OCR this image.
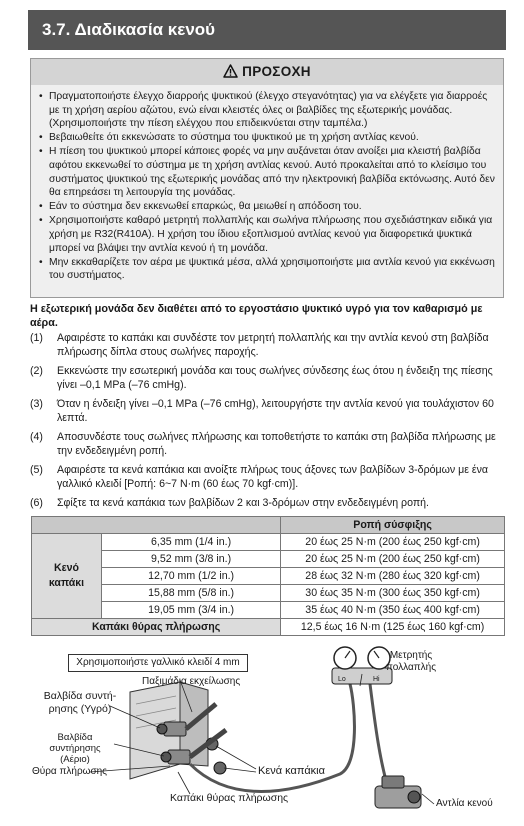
3.7. Διαδικασία κενού
ΠΡΟΣΟΧΗ
• Πραγματοποιήστε έλεγχο διαρροής ψυκτικού (έλεγχο στεγανότητας) για να ελέγξετε για διαρροές με τη χρήση αερίου αζώτου, ενώ είναι κλειστές όλες οι βαλβίδες της εξωτερικής μονάδας. (Χρησιμοποιήστε την πίεση ελέγχου που επιδεικνύεται στην ταμπέλα.)
• Βεβαιωθείτε ότι εκκενώσατε το σύστημα του ψυκτικού με τη χρήση αντλίας κενού.
• Η πίεση του ψυκτικού μπορεί κάποιες φορές να μην αυξάνεται όταν ανοίξει μια κλειστή βαλβίδα αφότου εκκενωθεί το σύστημα με τη χρήση αντλίας κενού. Αυτό προκαλείται από το κλείσιμο του συστήματος ψυκτικού της εξωτερικής μονάδας από την ηλεκτρονική βαλβίδα εκτόνωσης. Αυτό δεν θα επηρεάσει τη λειτουργία της μονάδας.
• Εάν το σύστημα δεν εκκενωθεί επαρκώς, θα μειωθεί η απόδοση του.
• Χρησιμοποιήστε καθαρό μετρητή πολλαπλής και σωλήνα πλήρωσης που σχεδιάστηκαν ειδικά για χρήση με R32(R410A). Η χρήση του ίδιου εξοπλισμού αντλίας κενού για διαφορετικά ψυκτικά μπορεί να βλάψει την αντλία κενού ή τη μονάδα.
• Μην εκκαθαρίζετε τον αέρα με ψυκτικά μέσα, αλλά χρησιμοποιήστε μια αντλία κενού για εκκένωση του συστήματος.
Η εξωτερική μονάδα δεν διαθέτει από το εργοστάσιο ψυκτικό υγρό για τον καθαρισμό με αέρα.
(1)	Αφαιρέστε το καπάκι και συνδέστε τον μετρητή πολλαπλής και την αντλία κενού στη βαλβίδα πλήρωσης δίπλα στους σωλήνες παροχής.
(2)	Εκκενώστε την εσωτερική μονάδα και τους σωλήνες σύνδεσης έως ότου η ένδειξη της πίεσης γίνει –0,1 MPa (–76 cmHg).
(3)	Όταν η ένδειξη γίνει –0,1 MPa (–76 cmHg), λειτουργήστε την αντλία κενού για τουλάχιστον 60 λεπτά.
(4)	Αποσυνδέστε τους σωλήνες πλήρωσης και τοποθετήστε το καπάκι στη βαλβίδα πλήρωσης με την ενδεδειγμένη ροπή.
(5)	Αφαιρέστε τα κενά καπάκια και ανοίξτε πλήρως τους άξονες των βαλβίδων 3-δρόμων με ένα γαλλικό κλειδί [Ροπή: 6~7 N·m (60 έως 70 kgf·cm)].
(6)	Σφίξτε τα κενά καπάκια των βαλβίδων 2 και 3-δρόμων στην ενδεδειγμένη ροπή.
		Ροπή σύσφιξης
Κενό
καπάκι	6,35 mm (1/4 in.)	20 έως 25 N·m (200 έως 250 kgf·cm)
	9,52 mm (3/8 in.)	20 έως 25 N·m (200 έως 250 kgf·cm)
	12,70 mm (1/2 in.)	28 έως 32 N·m (280 έως 320 kgf·cm)
	15,88 mm (5/8 in.)	30 έως 35 N·m (300 έως 350 kgf·cm)
	19,05 mm (3/4 in.)	35 έως 40 N·m (350 έως 400 kgf·cm)
Καπάκι θύρας πλήρωσης		12,5 έως 16 N·m (125 έως 160 kgf·cm)
Χρησιμοποιήστε γαλλικό κλειδί 4 mm
Παξιμάδια εκχείλωσης
Βαλβίδα συντή-
ρησης (Υγρό)
Βαλβίδα συντήρησης
(Αέριο)
Θύρα πλήρωσης	Κενά καπάκια
Καπάκι θύρας πλήρωσης
Μετρητής
πολλαπλής
Lo	Hi
Αντλία κενού
